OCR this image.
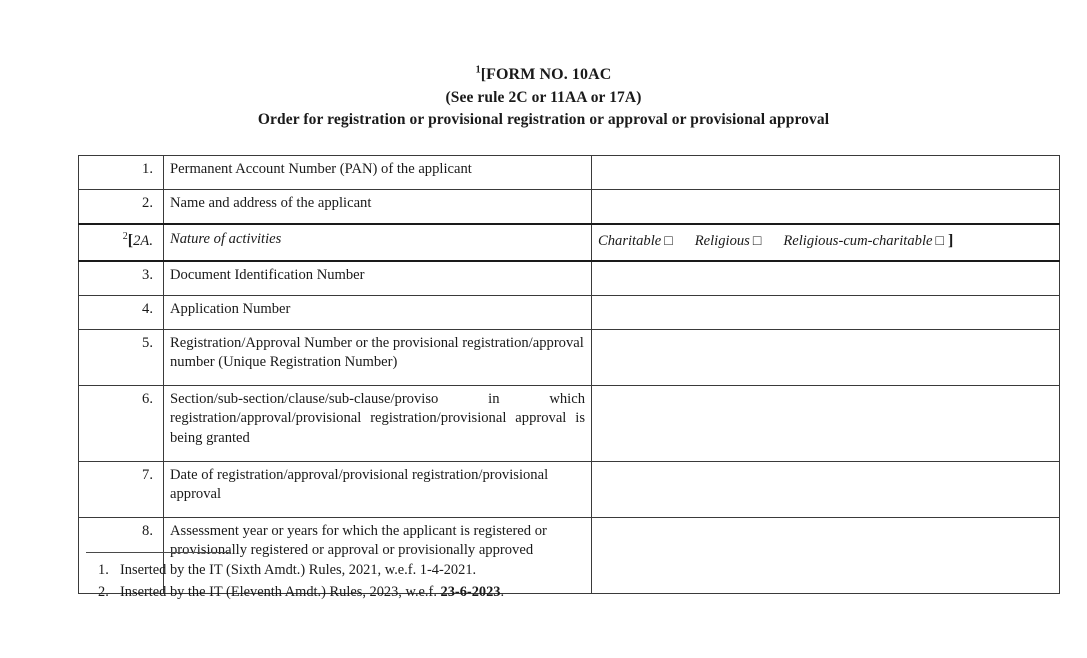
$^1$[FORM NO. 10AC
(See rule 2C or 11AA or 17A)
Order for registration or provisional registration or approval or provisional approval
1.	Permanent Account Number (PAN) of the applicant	
2.	Name and address of the applicant	
$^2$[2A.	Nature of activities	Charitable □ Religious □ Religious-cum-charitable □ ]
3.	Document Identification Number	
4.	Application Number	
5.	Registration/Approval Number or the provisional registration/approval number (Unique Registration Number)	
6.	Section/sub-section/clause/sub-clause/proviso in which registration/approval/provisional registration/provisional approval is being granted	
7.	Date of registration/approval/provisional registration/provisional approval	
8.	Assessment year or years for which the applicant is registered or provisionally registered or approval or provisionally approved	
1. Inserted by the IT (Sixth Amdt.) Rules, 2021, w.e.f. 1-4-2021.
2. Inserted by the IT (Eleventh Amdt.) Rules, 2023, w.e.f. 23-6-2023.
